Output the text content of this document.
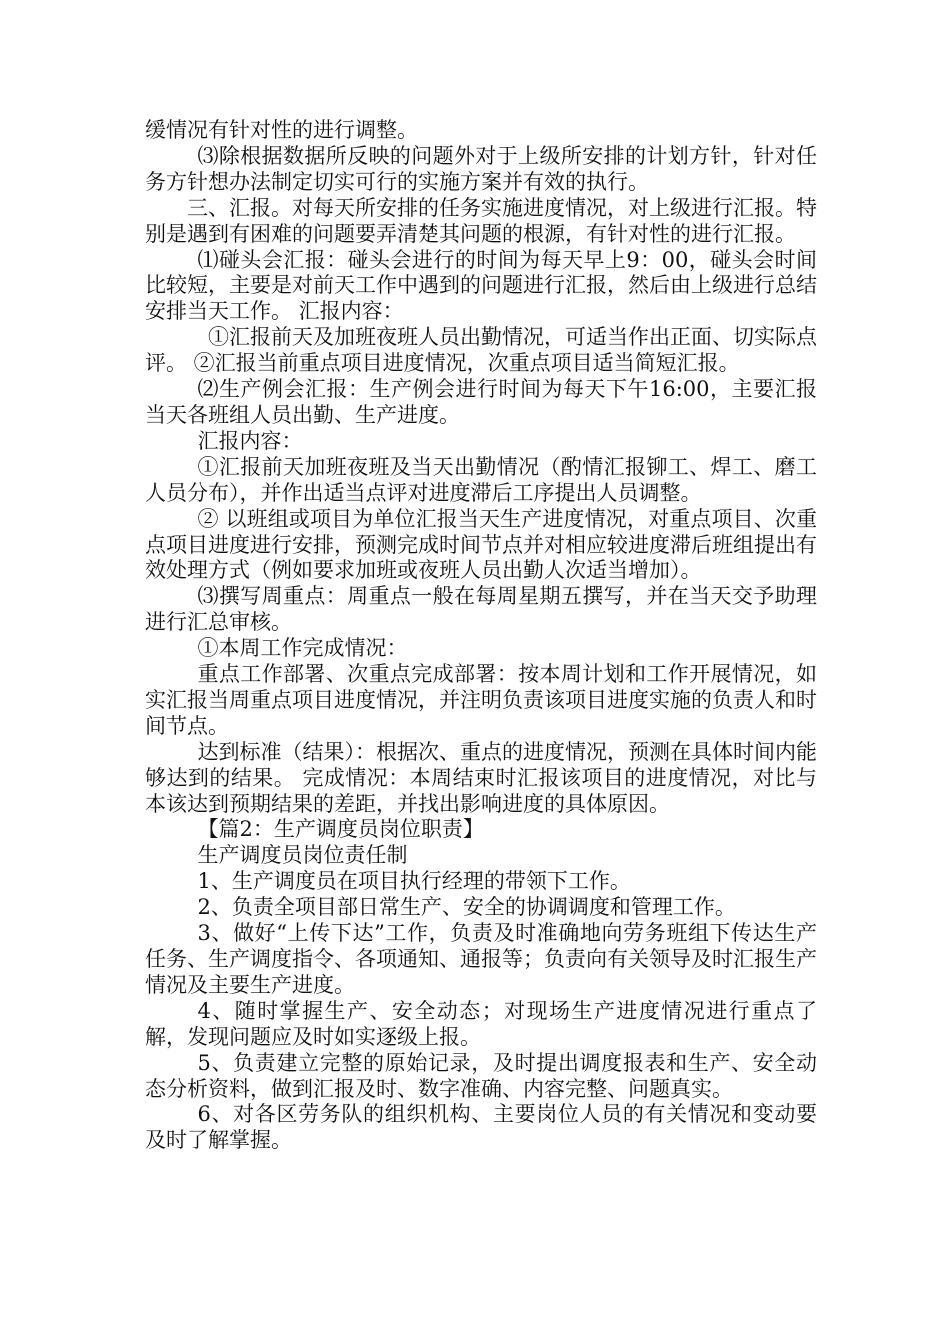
缓情况有针对性的进行调整。

⑶除根据数据所反映的问题外对于上级所安排的计划方针，针对任务方针想办法制定切实可行的实施方案并有效的执行。

三、汇报。对每天所安排的任务实施进度情况，对上级进行汇报。特别是遇到有困难的问题要弄清楚其问题的根源，有针对性的进行汇报。

⑴碰头会汇报：碰头会进行的时间为每天早上9：00，碰头会时间比较短，主要是对前天工作中遇到的问题进行汇报，然后由上级进行总结安排当天工作。 汇报内容：

①汇报前天及加班夜班人员出勤情况，可适当作出正面、切实际点评。 ②汇报当前重点项目进度情况，次重点项目适当简短汇报。

⑵生产例会汇报：生产例会进行时间为每天下午16:00，主要汇报当天各班组人员出勤、生产进度。

汇报内容：

①汇报前天加班夜班及当天出勤情况（酌情汇报铆工、焊工、磨工人员分布），并作出适当点评对进度滞后工序提出人员调整。

② 以班组或项目为单位汇报当天生产进度情况，对重点项目、次重点项目进度进行安排，预测完成时间节点并对相应较进度滞后班组提出有效处理方式（例如要求加班或夜班人员出勤人次适当增加）。

⑶撰写周重点：周重点一般在每周星期五撰写，并在当天交予助理进行汇总审核。

①本周工作完成情况：

重点工作部署、次重点完成部署：按本周计划和工作开展情况，如实汇报当周重点项目进度情况，并注明负责该项目进度实施的负责人和时间节点。

达到标准（结果）：根据次、重点的进度情况，预测在具体时间内能够达到的结果。 完成情况：本周结束时汇报该项目的进度情况，对比与本该达到预期结果的差距，并找出影响进度的具体原因。

【篇2：生产调度员岗位职责】

生产调度员岗位责任制

1、生产调度员在项目执行经理的带领下工作。

2、负责全项目部日常生产、安全的协调调度和管理工作。

3、做好“上传下达”工作，负责及时准确地向劳务班组下传达生产任务、生产调度指令、各项通知、通报等；负责向有关领导及时汇报生产情况及主要生产进度。

4、随时掌握生产、安全动态；对现场生产进度情况进行重点了解，发现问题应及时如实逐级上报。

5、负责建立完整的原始记录，及时提出调度报表和生产、安全动态分析资料，做到汇报及时、数字准确、内容完整、问题真实。

6、对各区劳务队的组织机构、主要岗位人员的有关情况和变动要及时了解掌握。
